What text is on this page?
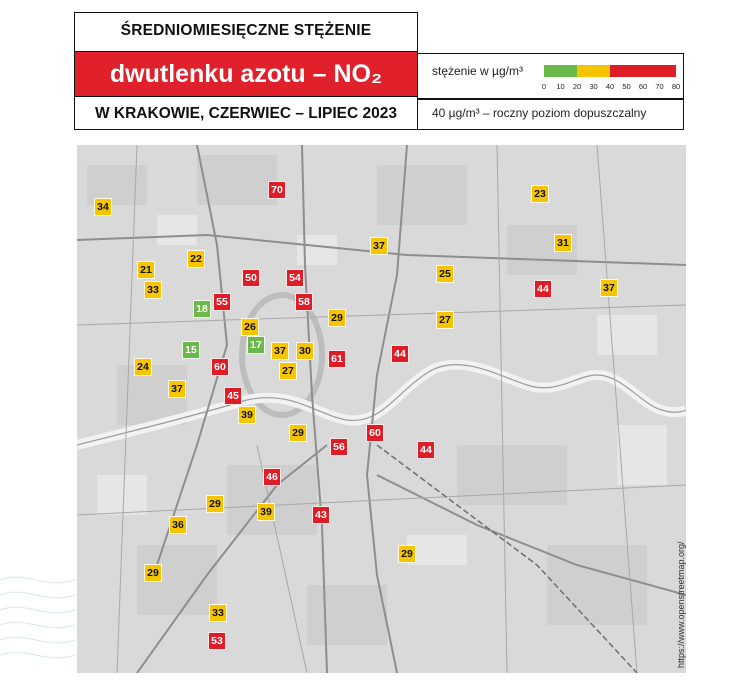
ŚREDNIOMIESIĘCZNE STĘŻENIE
dwutlenku azotu – NO₂
W KRAKOWIE, CZERWIEC – LIPIEC 2023
stężenie w µg/m³
0 10 20 30 40 50 60 70 80
40 µg/m³ – roczny poziom dopuszczalny
70
34
23
37	31
21
22
50	54	25
44	37
33
58
18
55
29	27
26
15	17	37	30
61	44
24	60	27
37
45
39
29	60
56	44
46
29
39	43
36
29
29
33
53	https://www.openstreetmap.org/
